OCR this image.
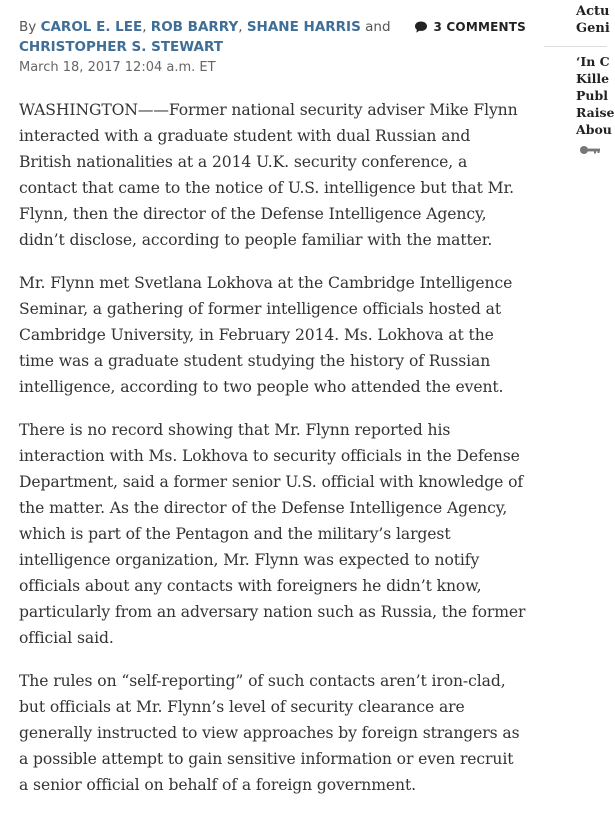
By CAROL E. LEE, ROB BARRY, SHANE HARRIS and CHRISTOPHER S. STEWART
3 COMMENTS
March 18, 2017 12:04 a.m. ET

WASHINGTON——Former national security adviser Mike Flynn interacted with a graduate student with dual Russian and British nationalities at a 2014 U.K. security conference, a contact that came to the notice of U.S. intelligence but that Mr. Flynn, then the director of the Defense Intelligence Agency, didn’t disclose, according to people familiar with the matter.

Mr. Flynn met Svetlana Lokhova at the Cambridge Intelligence Seminar, a gathering of former intelligence officials hosted at Cambridge University, in February 2014. Ms. Lokhova at the time was a graduate student studying the history of Russian intelligence, according to two people who attended the event.

There is no record showing that Mr. Flynn reported his interaction with Ms. Lokhova to security officials in the Defense Department, said a former senior U.S. official with knowledge of the matter. As the director of the Defense Intelligence Agency, which is part of the Pentagon and the military’s largest intelligence organization, Mr. Flynn was expected to notify officials about any contacts with foreigners he didn’t know, particularly from an adversary nation such as Russia, the former official said.

The rules on “self-reporting” of such contacts aren’t iron-clad, but officials at Mr. Flynn’s level of security clearance are generally instructed to view approaches by foreign strangers as a possible attempt to gain sensitive information or even recruit a senior official on behalf of a foreign government.

Actu
Geni
‘In C
Kille
Publ
Raise
Abou
